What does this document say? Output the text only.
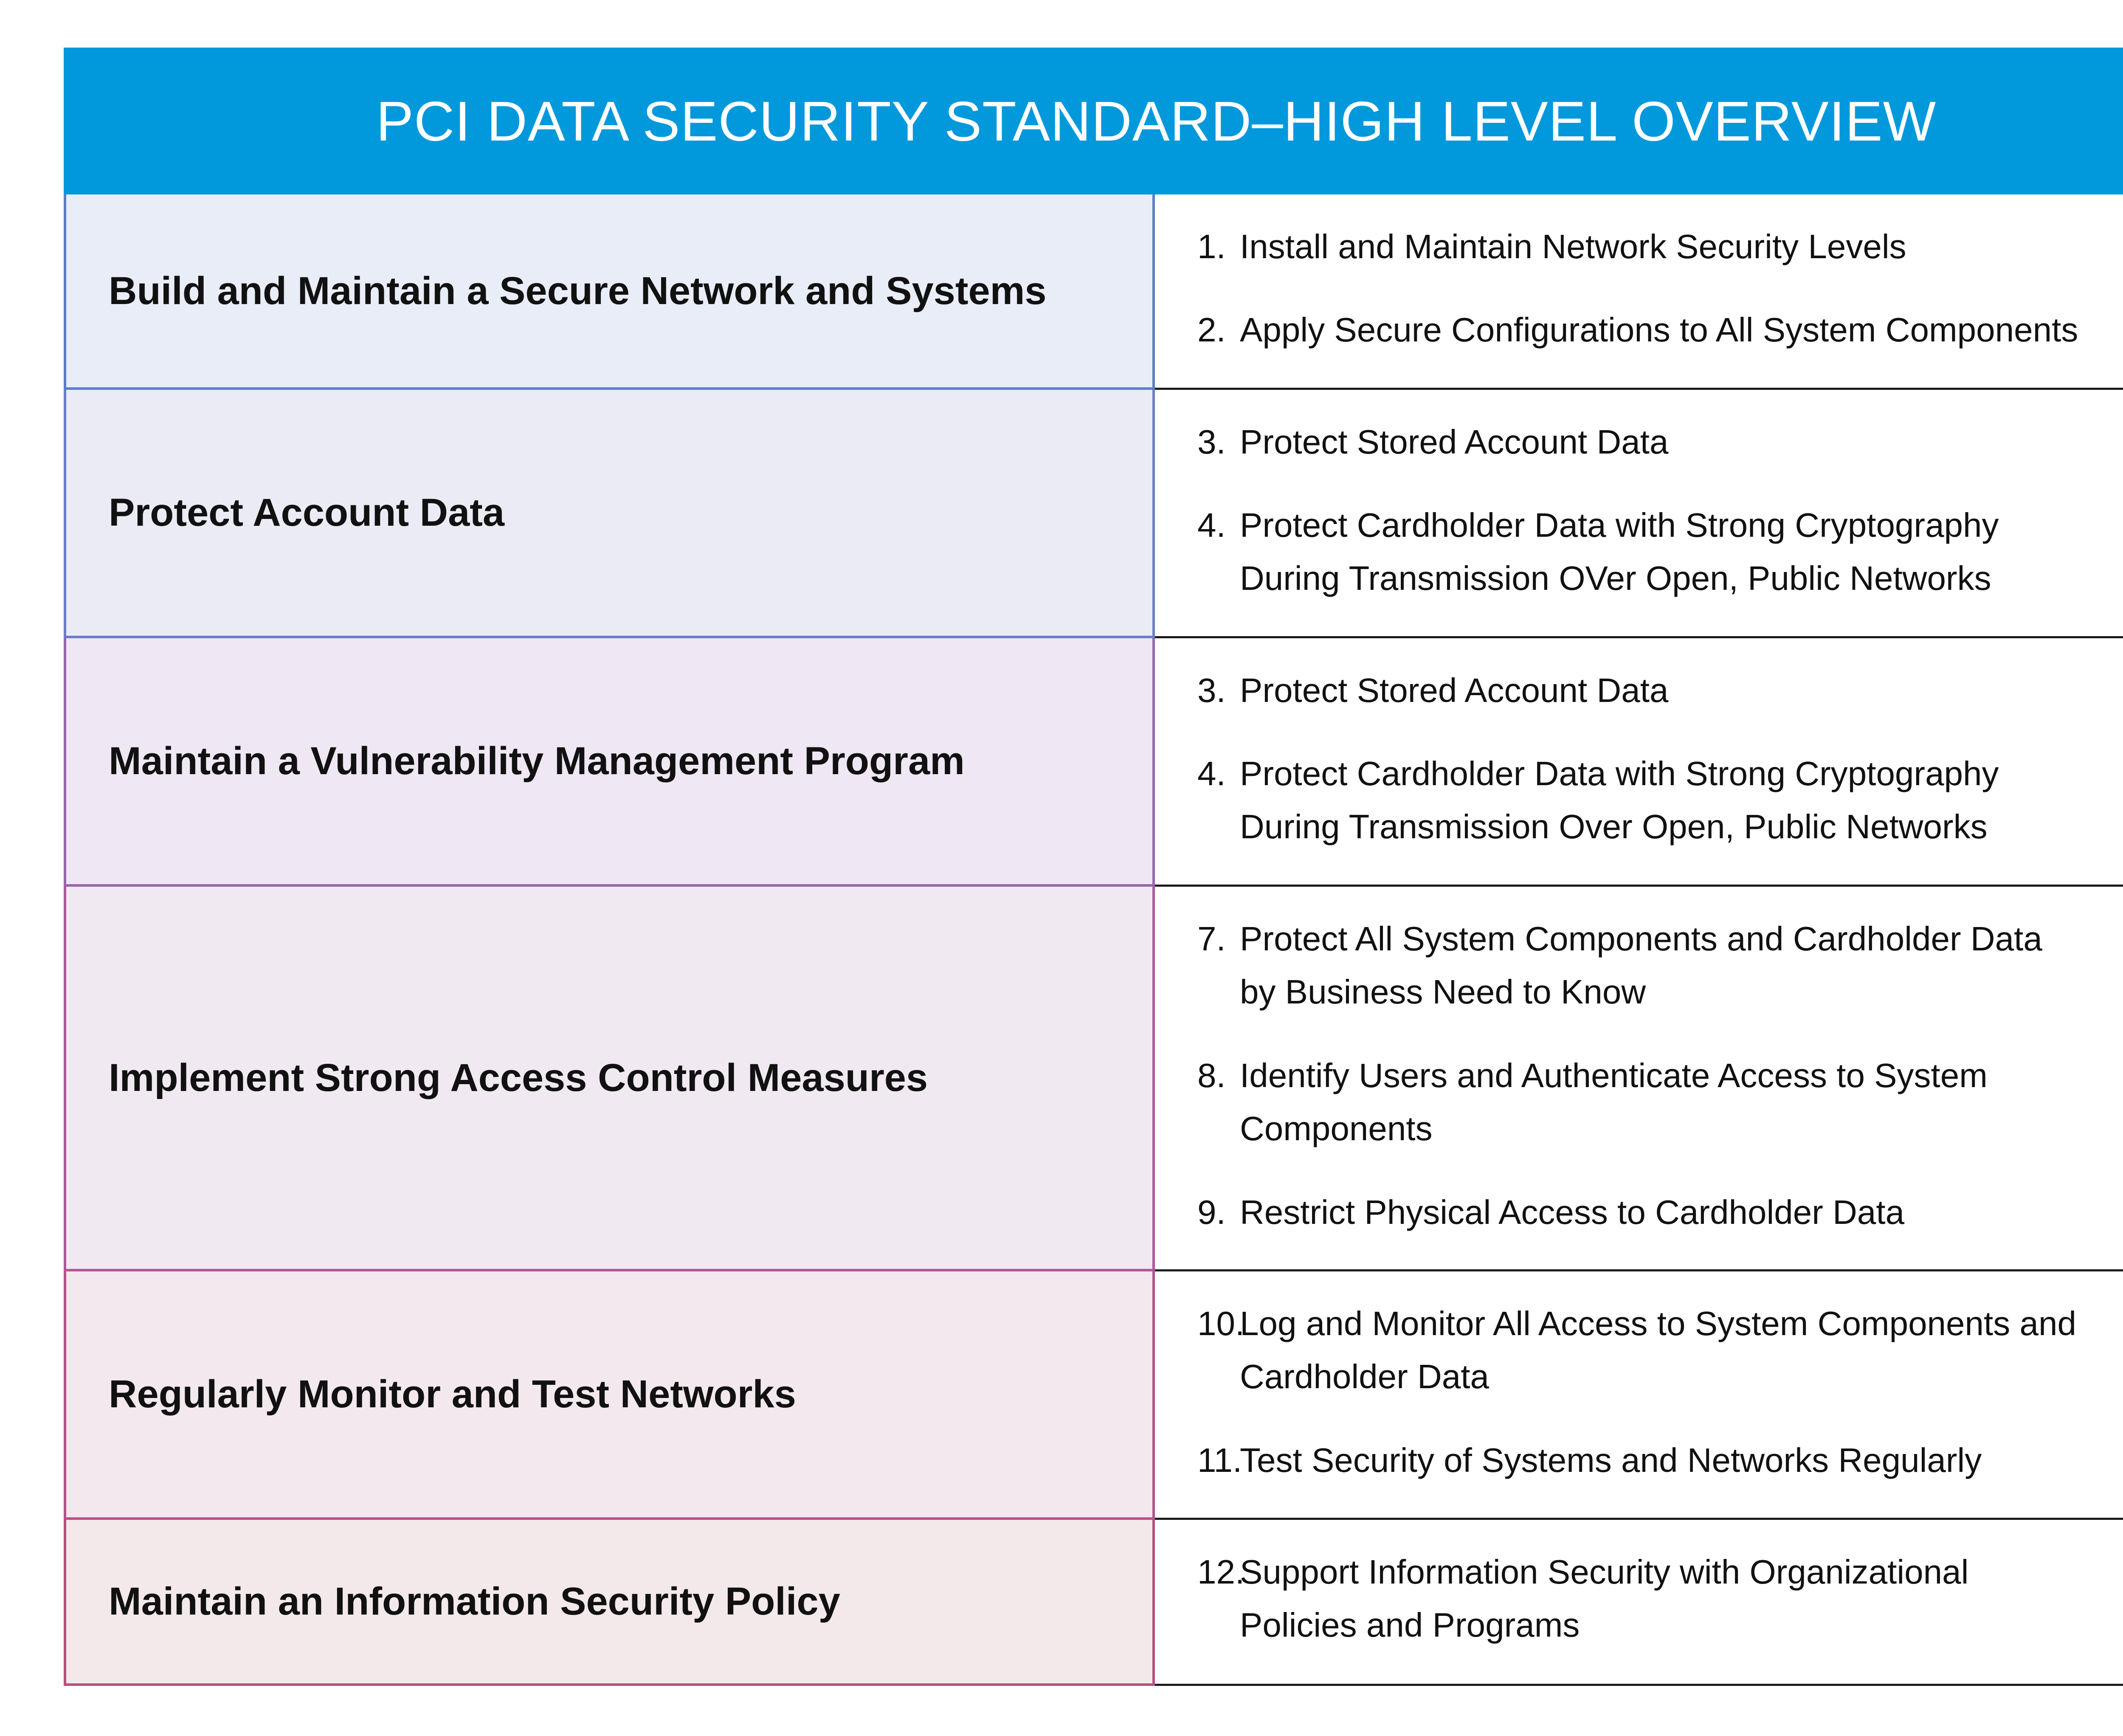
PCI DATA SECURITY STANDARD–HIGH LEVEL OVERVIEW
Build and Maintain a Secure Network and Systems
1. Install and Maintain Network Security Levels
2. Apply Secure Configurations to All System Components
Protect Account Data
3. Protect Stored Account Data
4. Protect Cardholder Data with Strong Cryptography
During Transmission OVer Open, Public Networks
Maintain a Vulnerability Management Program
3. Protect Stored Account Data
4. Protect Cardholder Data with Strong Cryptography
During Transmission Over Open, Public Networks
Implement Strong Access Control Measures
7. Protect All System Components and Cardholder Data
by Business Need to Know
8. Identify Users and Authenticate Access to System
Components
9. Restrict Physical Access to Cardholder Data
Regularly Monitor and Test Networks
10.
Log and Monitor All Access to System Components and
Cardholder Data
11.
Test Security of Systems and Networks Regularly
Maintain an Information Security Policy
12.
Support Information Security with Organizational
Policies and Programs
